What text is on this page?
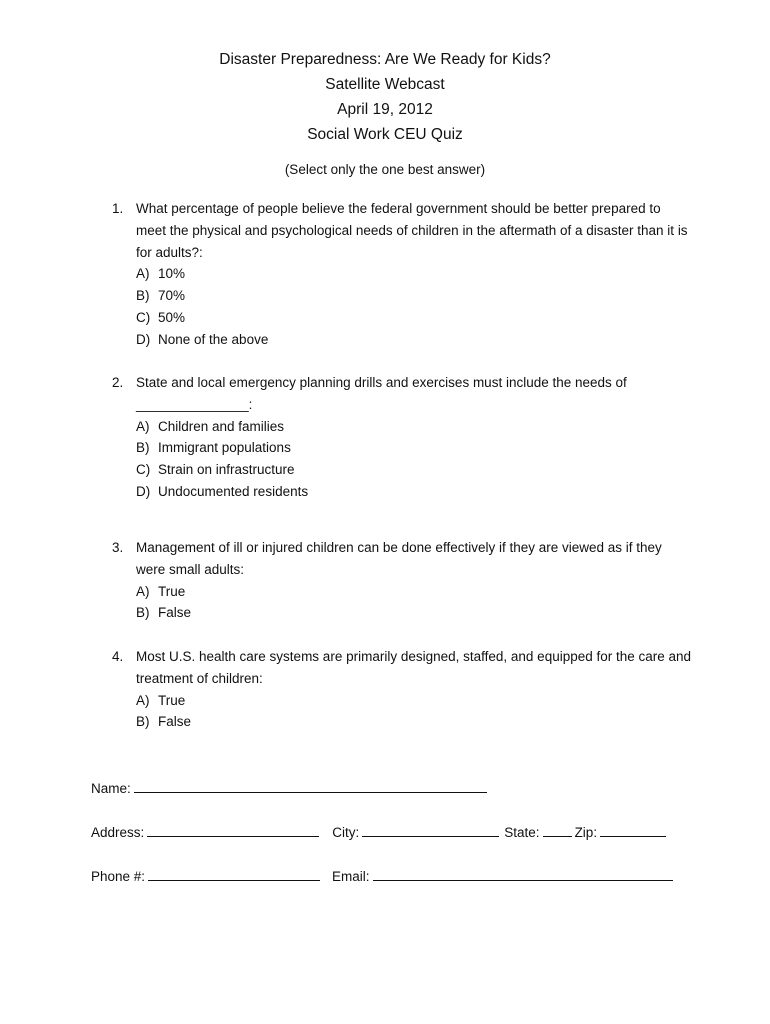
Disaster Preparedness: Are We Ready for Kids?

Satellite Webcast

April 19, 2012

Social Work CEU Quiz

(Select only the one best answer)
1. What percentage of people believe the federal government should be better prepared to meet the physical and psychological needs of children in the aftermath of a disaster than it is for adults?:
A) 10%
B) 70%
C) 50%
D) None of the above
2. State and local emergency planning drills and exercises must include the needs of
_______________:
A) Children and families
B) Immigrant populations
C) Strain on infrastructure
D) Undocumented residents
3. Management of ill or injured children can be done effectively if they are viewed as if they were small adults:
A) True
B) False
4. Most U.S. health care systems are primarily designed, staffed, and equipped for the care and treatment of children:
A) True
B) False
Name:
Address:	City:	State:	Zip:
Phone #:	Email:
